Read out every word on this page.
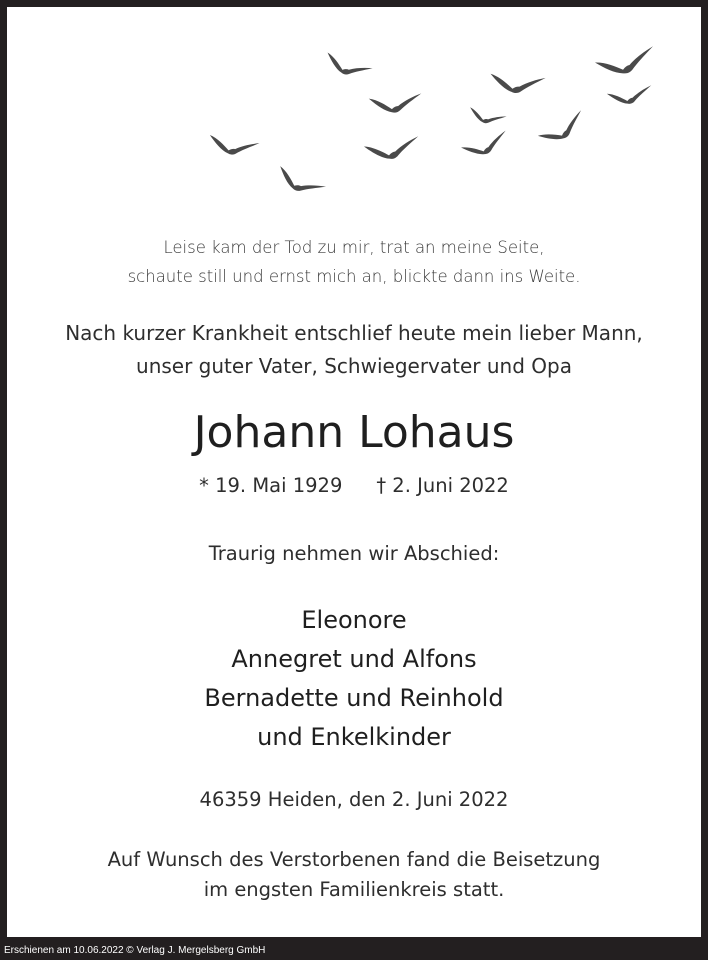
Leise kam der Tod zu mir, trat an meine Seite,
schaute still und ernst mich an, blickte dann ins Weite.
Nach kurzer Krankheit entschlief heute mein lieber Mann,
unser guter Vater, Schwiegervater und Opa
Johann Lohaus
* 19. Mai 1929 † 2. Juni 2022
Traurig nehmen wir Abschied:
Eleonore
Annegret und Alfons
Bernadette und Reinhold
und Enkelkinder
46359 Heiden, den 2. Juni 2022
Auf Wunsch des Verstorbenen fand die Beisetzung
im engsten Familienkreis statt.
Erschienen am 10.06.2022 © Verlag J. Mergelsberg GmbH
